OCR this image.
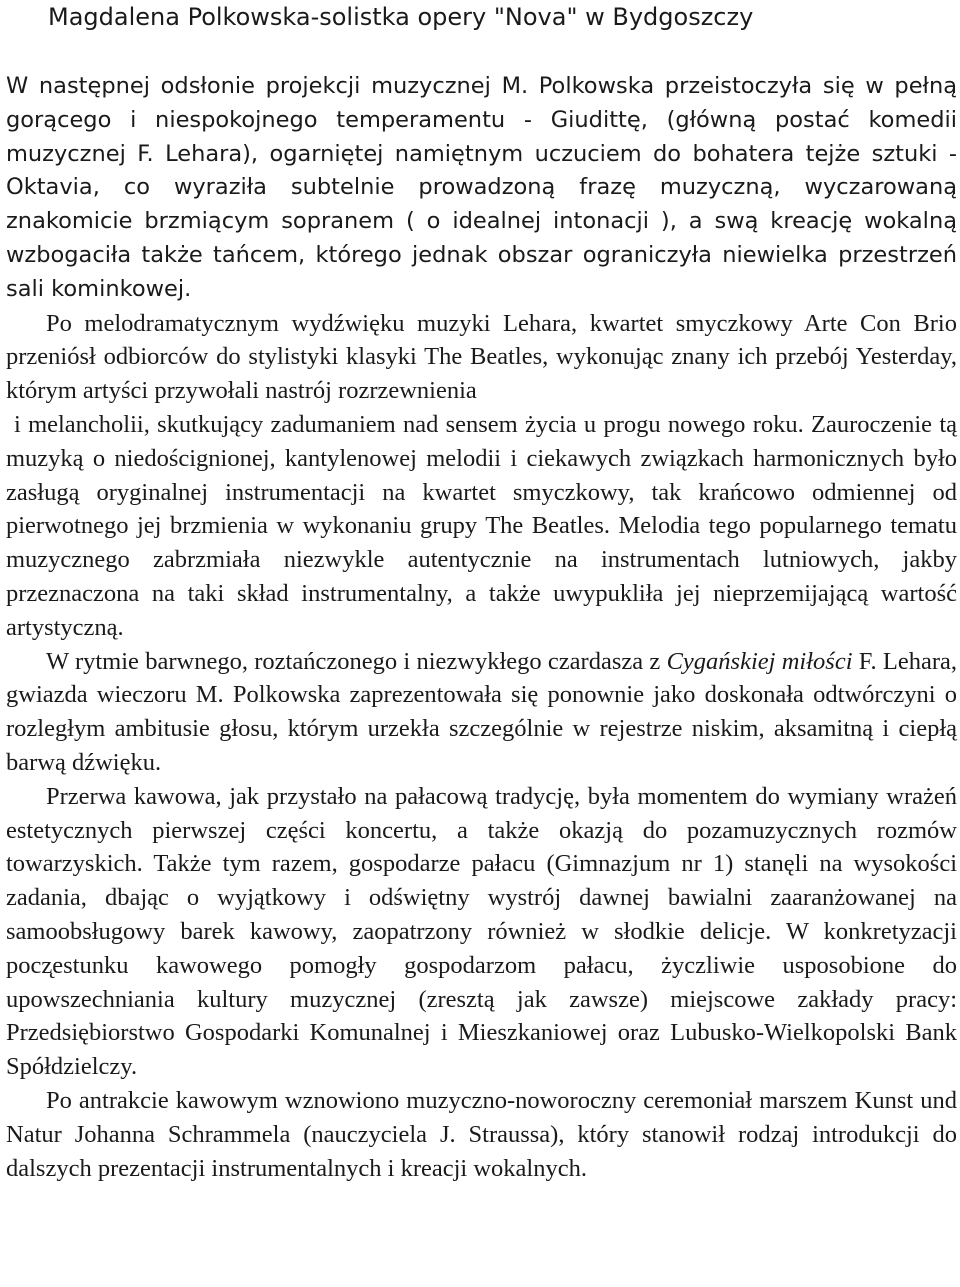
Magdalena Polkowska-solistka opery "Nova" w Bydgoszczy

W następnej odsłonie projekcji muzycznej M. Polkowska przeistoczyła się w pełną gorącego i niespokojnego temperamentu - Giudittę, (główną postać komedii muzycznej F. Lehara), ogarniętej namiętnym uczuciem do bohatera tejże sztuki - Oktavia, co wyraziła subtelnie prowadzoną frazę muzyczną, wyczarowaną znakomicie brzmiącym sopranem ( o idealnej intonacji ), a swą kreację wokalną wzbogaciła także tańcem, którego jednak obszar ograniczyła niewielka przestrzeń sali kominkowej.

Po melodramatycznym wydźwięku muzyki Lehara, kwartet smyczkowy Arte Con Brio przeniósł odbiorców do stylistyki klasyki The Beatles, wykonując znany ich przebój Yesterday, którym artyści przywołali nastrój rozrzewnienia

i melancholii, skutkujący zadumaniem nad sensem życia u progu nowego roku. Zauroczenie tą muzyką o niedoścignionej, kantylenowej melodii i ciekawych związkach harmonicznych było zasługą oryginalnej instrumentacji na kwartet smyczkowy, tak krańcowo odmiennej od pierwotnego jej brzmienia w wykonaniu grupy The Beatles. Melodia tego popularnego tematu muzycznego zabrzmiała niezwykle autentycznie na instrumentach lutniowych, jakby przeznaczona na taki skład instrumentalny, a także uwypukliła jej nieprzemijającą wartość artystyczną.

W rytmie barwnego, roztańczonego i niezwykłego czardasza z Cygańskiej miłości F. Lehara, gwiazda wieczoru M. Polkowska zaprezentowała się ponownie jako doskonała odtwórczyni o rozległym ambitusie głosu, którym urzekła szczególnie w rejestrze niskim, aksamitną i ciepłą barwą dźwięku.

Przerwa kawowa, jak przystało na pałacową tradycję, była momentem do wymiany wrażeń estetycznych pierwszej części koncertu, a także okazją do pozamuzycznych rozmów towarzyskich. Także tym razem, gospodarze pałacu (Gimnazjum nr 1) stanęli na wysokości zadania, dbając o wyjątkowy i odświętny wystrój dawnej bawialni zaaranżowanej na samoobsługowy barek kawowy, zaopatrzony również w słodkie delicje. W konkretyzacji pocz̨estunku kawowego pomogły gospodarzom pałacu, życzliwie usposobione do upowszechniania kultury muzycznej (zresztą jak zawsze) miejscowe zakłady pracy: Przedsiębiorstwo Gospodarki Komunalnej i Mieszkaniowej oraz Lubusko-Wielkopolski Bank Spółdzielczy.

Po antrakcie kawowym wznowiono muzyczno-noworoczny ceremoniał marszem Kunst und Natur Johanna Schrammela (nauczyciela J. Straussa), który stanowił rodzaj introdukcji do dalszych prezentacji instrumentalnych i kreacji wokalnych.
